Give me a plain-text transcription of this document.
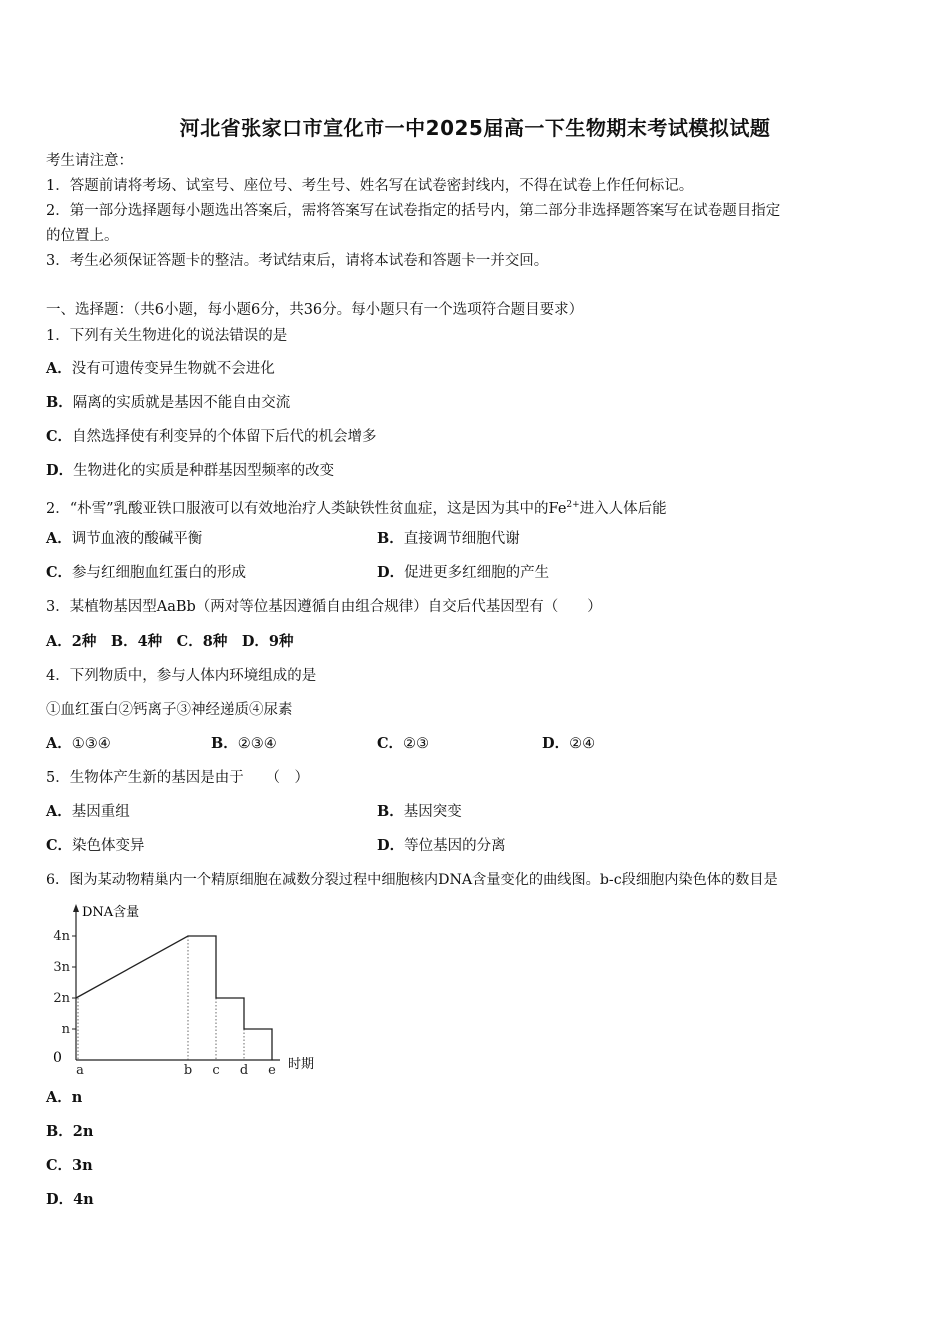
河北省张家口市宣化市一中2025届高一下生物期末考试模拟试题
考生请注意：
1．答题前请将考场、试室号、座位号、考生号、姓名写在试卷密封线内，不得在试卷上作任何标记。
2．第一部分选择题每小题选出答案后，需将答案写在试卷指定的括号内，第二部分非选择题答案写在试卷题目指定
的位置上。
3．考生必须保证答题卡的整洁。考试结束后，请将本试卷和答题卡一并交回。
一、选择题：（共6小题，每小题6分，共36分。每小题只有一个选项符合题目要求）
1．下列有关生物进化的说法错误的是
A．没有可遗传变异生物就不会进化
B．隔离的实质就是基因不能自由交流
C．自然选择使有利变异的个体留下后代的机会增多
D．生物进化的实质是种群基因型频率的改变
2．“朴雪”乳酸亚铁口服液可以有效地治疗人类缺铁性贫血症，这是因为其中的$Fe^{2+}$进入人体后能
A．调节血液的酸碱平衡	B．直接调节细胞代谢
C．参与红细胞血红蛋白的形成	D．促进更多红细胞的产生
3．某植物基因型AaBb（两对等位基因遵循自由组合规律）自交后代基因型有（　　）
A．2种　B．4种　C．8种　D．9种
4．下列物质中，参与人体内环境组成的是
①血红蛋白②钙离子③神经递质④尿素
A．①③④	B．②③④	C．②③	D．②④
5．生物体产生新的基因是由于　　（　）
A．基因重组	B．基因突变
C．染色体变异	D．等位基因的分离
6．图为某动物精巢内一个精原细胞在减数分裂过程中细胞核内DNA含量变化的曲线图。b-c段细胞内染色体的数目是
DNA含量
时期
0
n
2n
3n
4n
a	b c d e
A．n
B．2n
C．3n
D．4n
